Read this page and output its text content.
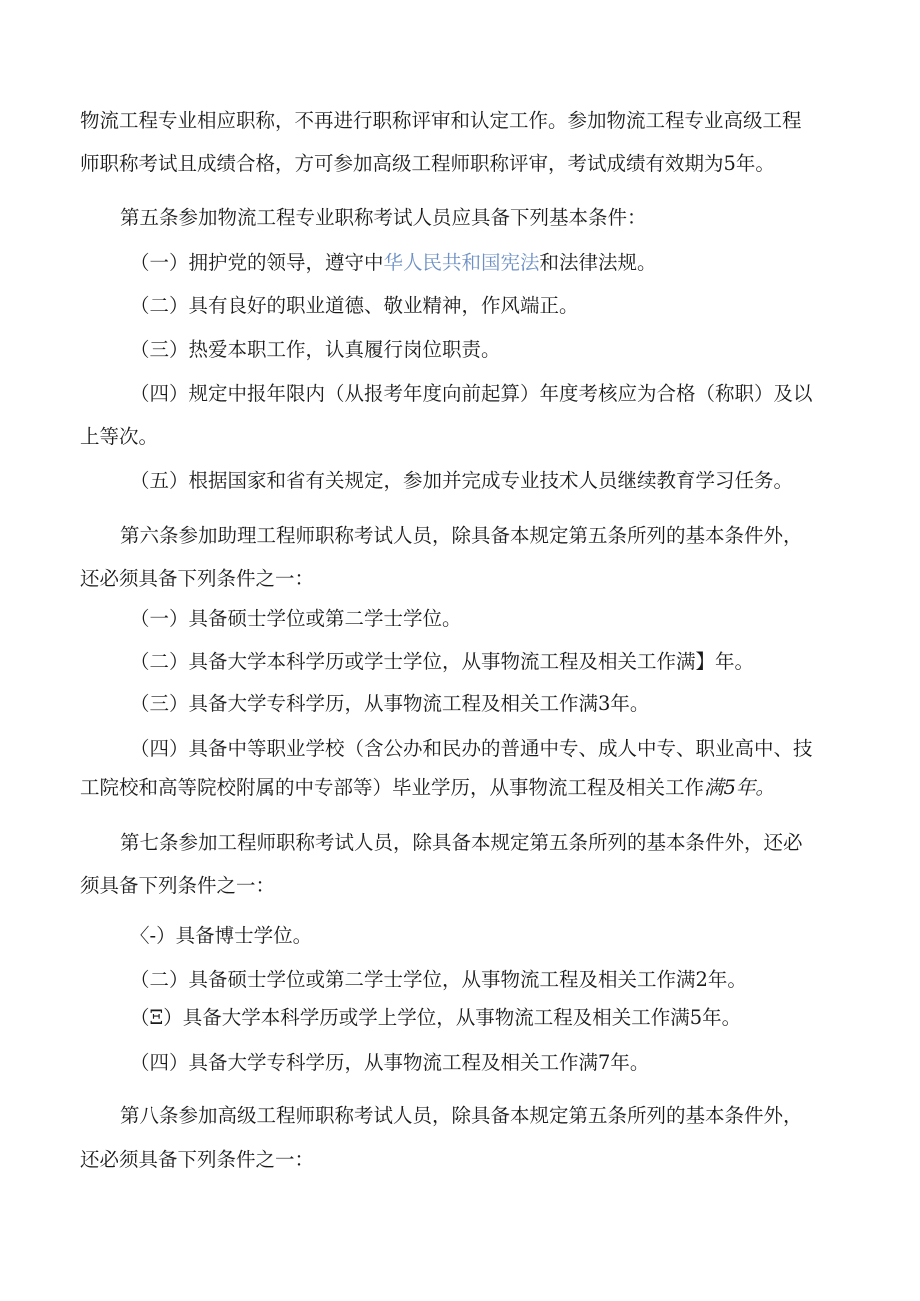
物流工程专业相应职称，不再进行职称评审和认定工作。参加物流工程专业高级工程
师职称考试且成绩合格，方可参加高级工程师职称评审，考试成绩有效期为5年。
第五条参加物流工程专业职称考试人员应具备下列基本条件：
（一）拥护党的领导，遵守中华人民共和国宪法和法律法规。
（二）具有良好的职业道德、敬业精神，作风端正。
（三）热爱本职工作，认真履行岗位职责。
（四）规定中报年限内（从报考年度向前起算）年度考核应为合格（称职）及以
上等次。
（五）根据国家和省有关规定，参加并完成专业技术人员继续教育学习任务。
第六条参加助理工程师职称考试人员，除具备本规定第五条所列的基本条件外，
还必须具备下列条件之一：
（一）具备硕士学位或第二学士学位。
（二）具备大学本科学历或学士学位，从事物流工程及相关工作满】年。
（三）具备大学专科学历，从事物流工程及相关工作满3年。
（四）具备中等职业学校（含公办和民办的普通中专、成人中专、职业高中、技
工院校和高等院校附属的中专部等）毕业学历，从事物流工程及相关工作满5年。
第七条参加工程师职称考试人员，除具备本规定第五条所列的基本条件外，还必
须具备下列条件之一：
〈-）具备博士学位。
（二）具备硕士学位或第二学士学位，从事物流工程及相关工作满2年。
（Ξ）具备大学本科学历或学上学位，从事物流工程及相关工作满5年。
（四）具备大学专科学历，从事物流工程及相关工作满7年。
第八条参加高级工程师职称考试人员，除具备本规定第五条所列的基本条件外，
还必须具备下列条件之一：
